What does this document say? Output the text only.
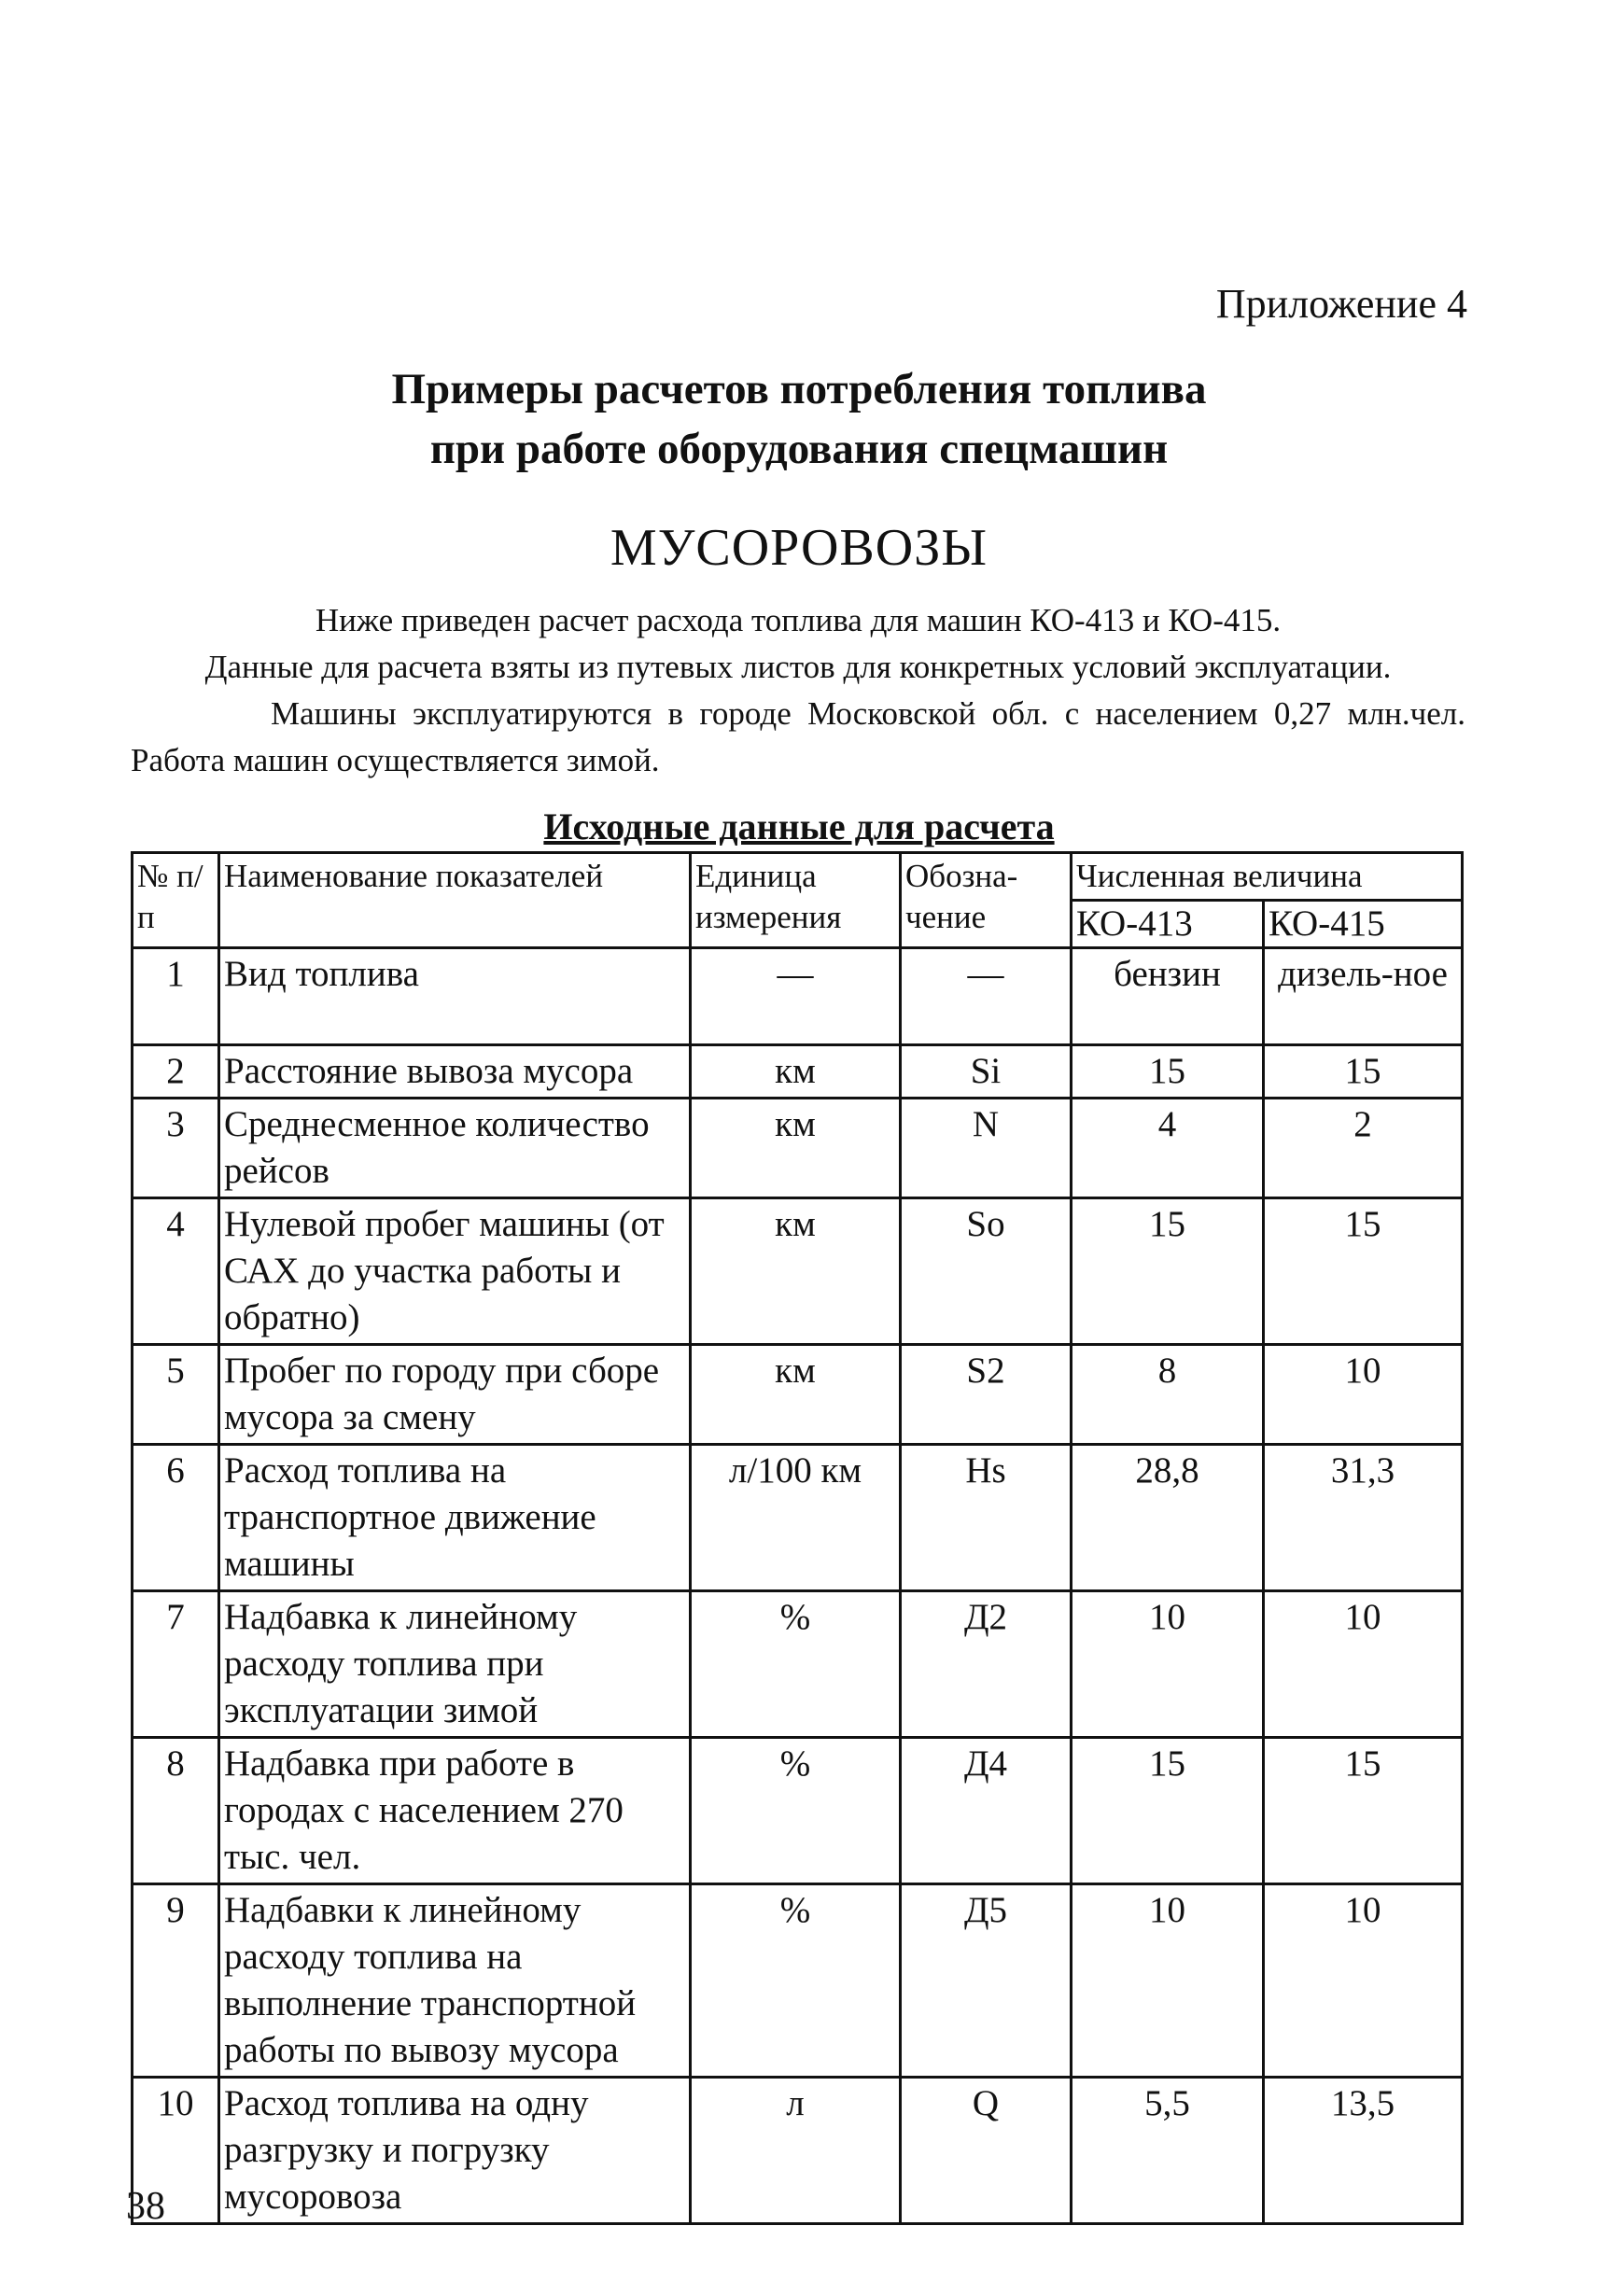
Приложение 4
Примеры расчетов потребления топлива
при работе оборудования спецмашин
МУСОРОВОЗЫ

Ниже приведен расчет расхода топлива для машин КО-413 и КО-415.

Данные для расчета взяты из путевых листов для конкретных условий эксплуатации.

Машины эксплуатируются в городе Московской обл. с населением 0,27 млн.чел. Работа машин осуществляется зимой.

Исходные данные для расчета
№ п/п	Наименование показателей	Единица измерения	Обозна-чение	Численная величина	
				КО-413	КО-415
1	Вид топлива	—	—	бензин	дизель-ное
2	Расстояние вывоза мусора	км	Si	15	15
3	Среднесменное количество рейсов	км	N	4	2
4	Нулевой пробег машины (от САХ до участка работы и обратно)	км	So	15	15
5	Пробег по городу при сборе мусора за смену	км	S2	8	10
6	Расход топлива на транспортное движение машины	л/100 км	Hs	28,8	31,3
7	Надбавка к линейному расходу топлива при эксплуатации зимой	%	Д2	10	10
8	Надбавка при работе в городах с населением 270 тыс. чел.	%	Д4	15	15
9	Надбавки к линейному расходу топлива на выполнение транспортной работы по вывозу мусора	%	Д5	10	10
10	Расход топлива на одну разгрузку и погрузку мусоровоза	л	Q	5,5	13,5
38
